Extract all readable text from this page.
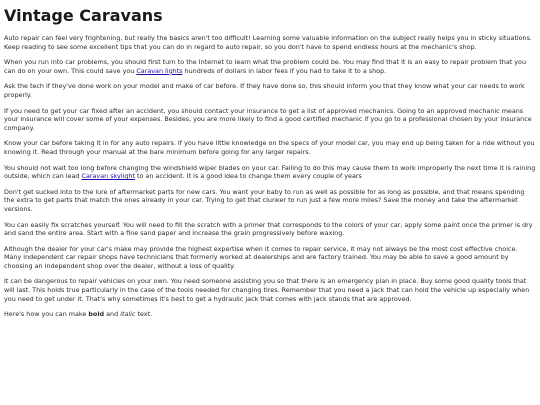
Vintage Caravans

Auto repair can feel very frightening, but really the basics aren't too difficult! Learning some valuable information on the subject really helps you in sticky situations. Keep reading to see some excellent tips that you can do in regard to auto repair, so you don't have to spend endless hours at the mechanic's shop.

When you run into car problems, you should first turn to the Internet to learn what the problem could be. You may find that it is an easy to repair problem that you can do on your own. This could save you Caravan lights hundreds of dollars in labor fees if you had to take it to a shop.

Ask the tech if they've done work on your model and make of car before. If they have done so, this should inform you that they know what your car needs to work properly.

If you need to get your car fixed after an accident, you should contact your insurance to get a list of approved mechanics. Going to an approved mechanic means your insurance will cover some of your expenses. Besides, you are more likely to find a good certified mechanic if you go to a professional chosen by your insurance company.

Know your car before taking it in for any auto repairs. If you have little knowledge on the specs of your model car, you may end up being taken for a ride without you knowing it. Read through your manual at the bare minimum before going for any larger repairs.

You should not wait too long before changing the windshield wiper blades on your car. Failing to do this may cause them to work improperly the next time it is raining outside, which can lead Caravan skylight to an accident. It is a good idea to change them every couple of years

Don't get sucked into to the lure of aftermarket parts for new cars. You want your baby to run as well as possible for as long as possible, and that means spending the extra to get parts that match the ones already in your car. Trying to get that clunker to run just a few more miles? Save the money and take the aftermarket versions.

You can easily fix scratches yourself. You will need to fill the scratch with a primer that corresponds to the colors of your car, apply some paint once the primer is dry and sand the entire area. Start with a fine sand paper and increase the grain progressively before waxing.

Although the dealer for your car's make may provide the highest expertise when it comes to repair service, it may not always be the most cost effective choice. Many independent car repair shops have technicians that formerly worked at dealerships and are factory trained. You may be able to save a good amount by choosing an independent shop over the dealer, without a loss of quality.

It can be dangerous to repair vehicles on your own. You need someone assisting you so that there is an emergency plan in place. Buy some good quality tools that will last. This holds true particularly in the case of the tools needed for changing tires. Remember that you need a jack that can hold the vehicle up especially when you need to get under it. That's why sometimes it's best to get a hydraulic jack that comes with jack stands that are approved.

Here's how you can make bold and italic text.
